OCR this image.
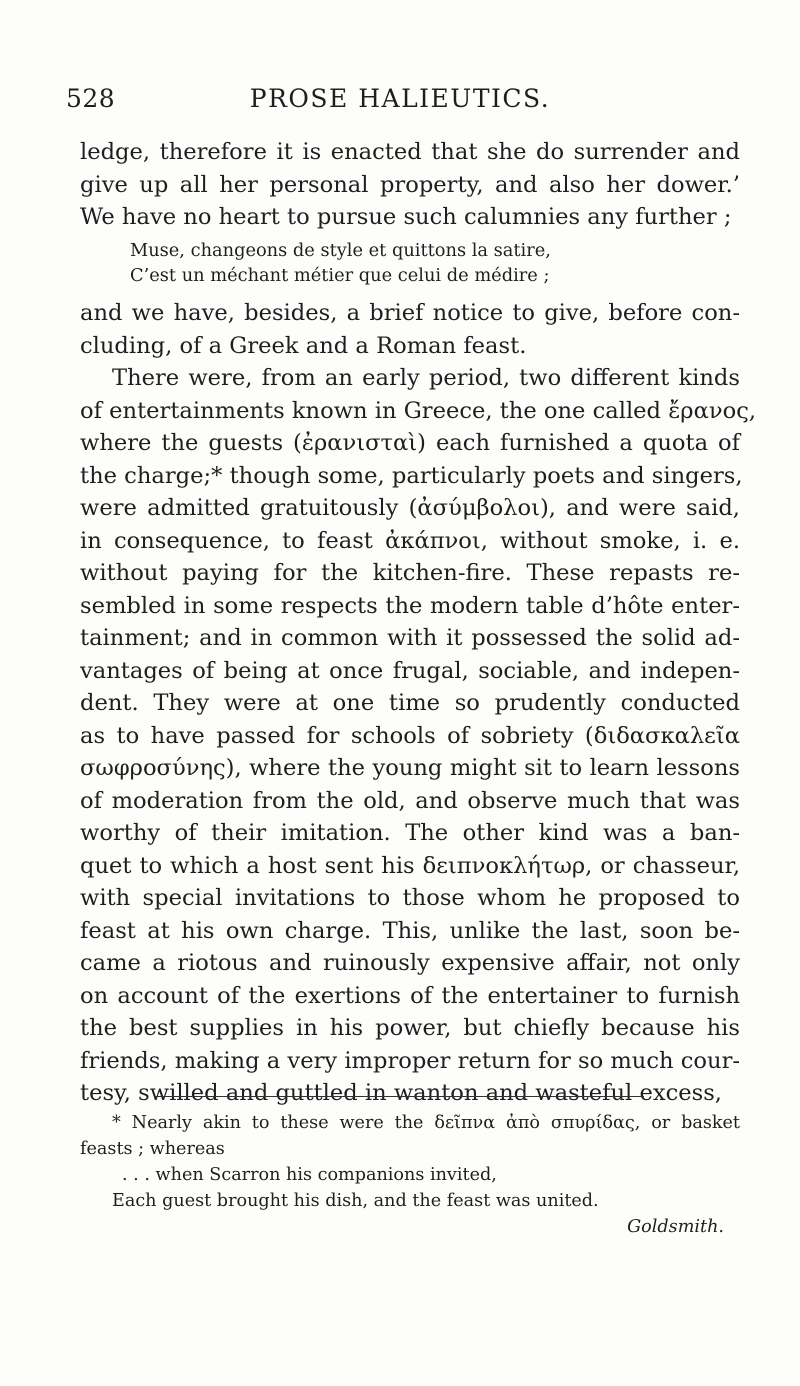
528	PROSE HALIEUTICS.
ledge, therefore it is enacted that she do surrender and
give up all her personal property, and also her dower.’
We have no heart to pursue such calumnies any further ;
Muse, changeons de style et quittons la satire,
C’est un méchant métier que celui de médire ;
and we have, besides, a brief notice to give, before con-
cluding, of a Greek and a Roman feast.
There were, from an early period, two different kinds
of entertainments known in Greece, the one called ἔρανος,
where the guests (ἐρανισταὶ) each furnished a quota of
the charge;* though some, particularly poets and singers,
were admitted gratuitously (ἀσύμβολοι), and were said,
in consequence, to feast ἀκάπνοι, without smoke, i. e.
without paying for the kitchen-fire. These repasts re-
sembled in some respects the modern table d’hôte enter-
tainment; and in common with it possessed the solid ad-
vantages of being at once frugal, sociable, and indepen-
dent. They were at one time so prudently conducted
as to have passed for schools of sobriety (διδασκαλεῖα
σωφροσύνης), where the young might sit to learn lessons
of moderation from the old, and observe much that was
worthy of their imitation. The other kind was a ban-
quet to which a host sent his δειπνοκλήτωρ, or chasseur,
with special invitations to those whom he proposed to
feast at his own charge. This, unlike the last, soon be-
came a riotous and ruinously expensive affair, not only
on account of the exertions of the entertainer to furnish
the best supplies in his power, but chiefly because his
friends, making a very improper return for so much cour-
tesy, swilled and guttled in wanton and wasteful excess,
* Nearly akin to these were the δεῖπνα ἀπὸ σπυρίδας, or basket
feasts ; whereas
. . . when Scarron his companions invited,
Each guest brought his dish, and the feast was united.
Goldsmith.
